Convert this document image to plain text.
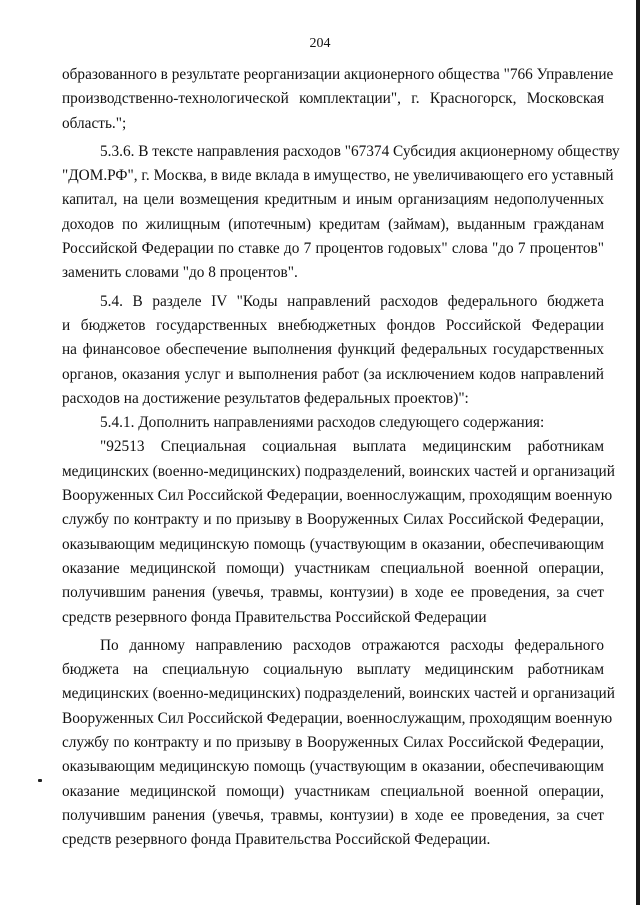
204
образованного в результате реорганизации акционерного общества "766 Управление
производственно-технологической комплектации", г. Красногорск, Московская
область.";
5.3.6. В тексте направления расходов "67374 Субсидия акционерному обществу
"ДОМ.РФ", г. Москва, в виде вклада в имущество, не увеличивающего его уставный
капитал, на цели возмещения кредитным и иным организациям недополученных
доходов по жилищным (ипотечным) кредитам (займам), выданным гражданам
Российской Федерации по ставке до 7 процентов годовых" слова "до 7 процентов"
заменить словами "до 8 процентов".
5.4. В разделе IV "Коды направлений расходов федерального бюджета
и бюджетов государственных внебюджетных фондов Российской Федерации
на финансовое обеспечение выполнения функций федеральных государственных
органов, оказания услуг и выполнения работ (за исключением кодов направлений
расходов на достижение результатов федеральных проектов)":
5.4.1. Дополнить направлениями расходов следующего содержания:
"92513 Специальная социальная выплата медицинским работникам
медицинских (военно-медицинских) подразделений, воинских частей и организаций
Вооруженных Сил Российской Федерации, военнослужащим, проходящим военную
службу по контракту и по призыву в Вооруженных Силах Российской Федерации,
оказывающим медицинскую помощь (участвующим в оказании, обеспечивающим
оказание медицинской помощи) участникам специальной военной операции,
получившим ранения (увечья, травмы, контузии) в ходе ее проведения, за счет
средств резервного фонда Правительства Российской Федерации
По данному направлению расходов отражаются расходы федерального
бюджета на специальную социальную выплату медицинским работникам
медицинских (военно-медицинских) подразделений, воинских частей и организаций
Вооруженных Сил Российской Федерации, военнослужащим, проходящим военную
службу по контракту и по призыву в Вооруженных Силах Российской Федерации,
оказывающим медицинскую помощь (участвующим в оказании, обеспечивающим
оказание медицинской помощи) участникам специальной военной операции,
получившим ранения (увечья, травмы, контузии) в ходе ее проведения, за счет
средств резервного фонда Правительства Российской Федерации.
